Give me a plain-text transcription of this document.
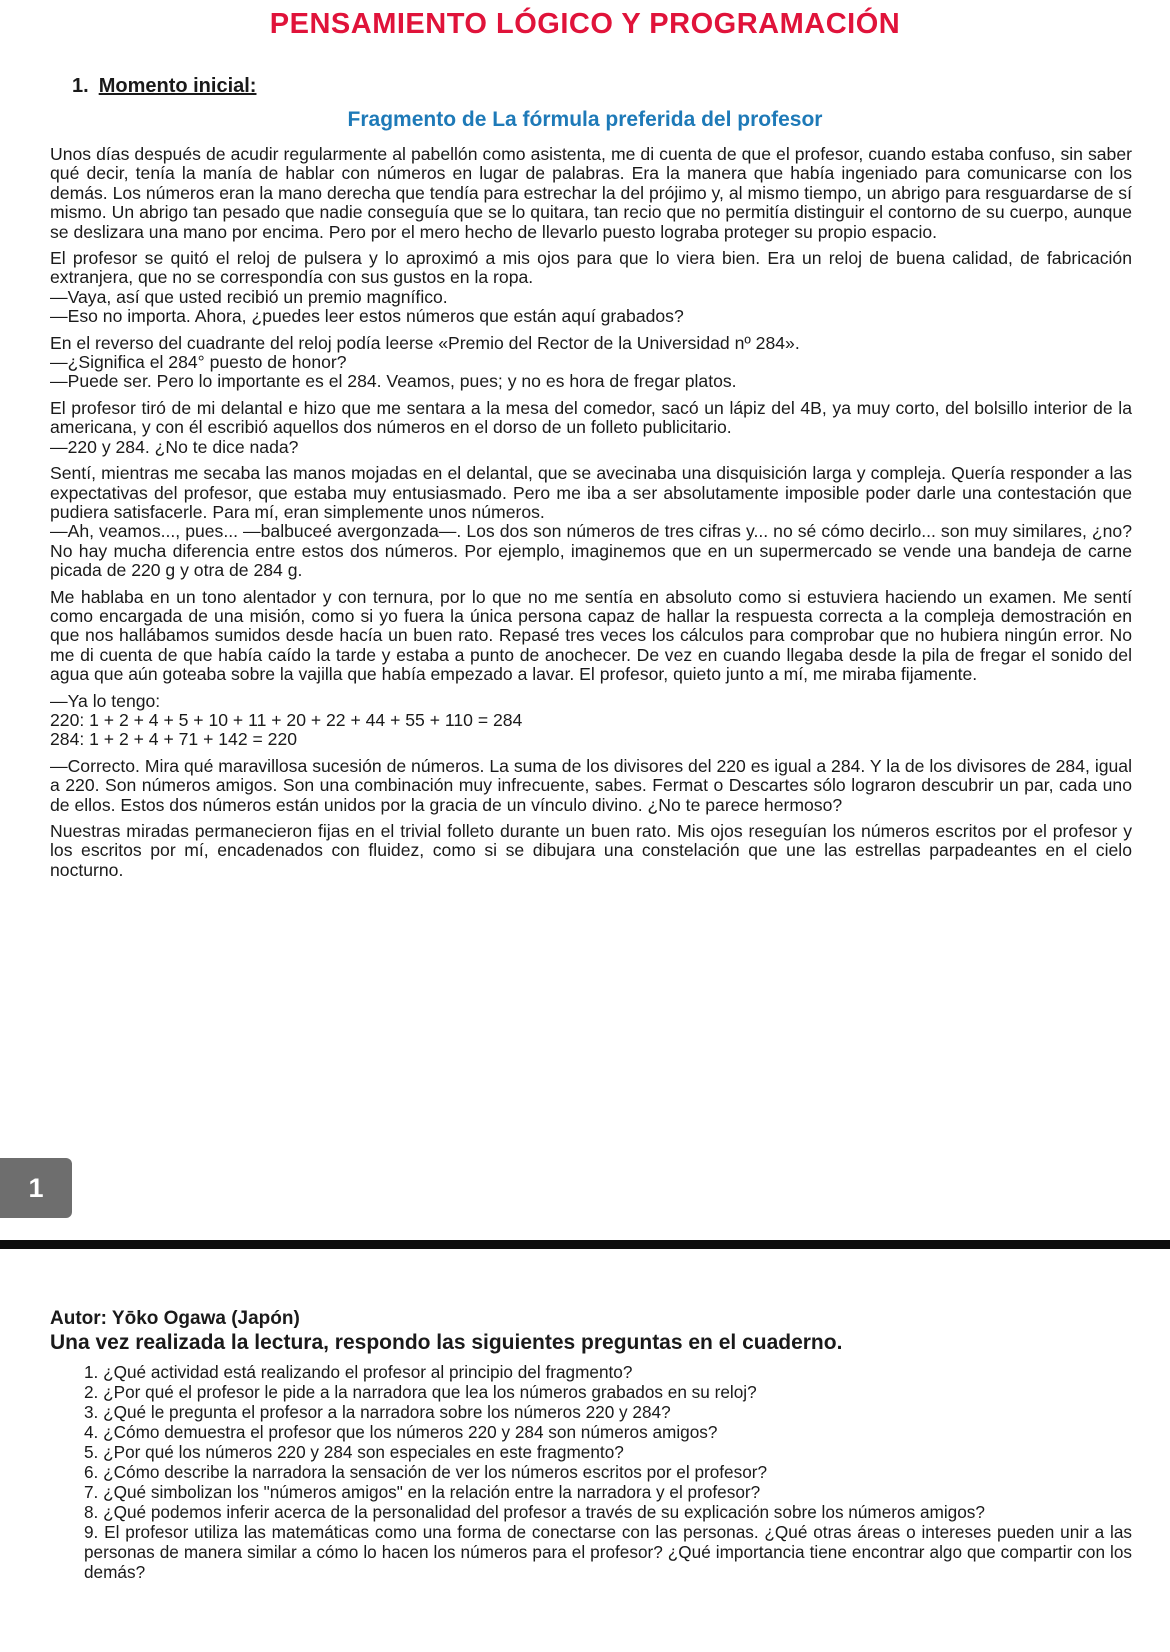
PENSAMIENTO LÓGICO Y PROGRAMACIÓN
1. Momento inicial:
Fragmento de La fórmula preferida del profesor

Unos días después de acudir regularmente al pabellón como asistenta, me di cuenta de que el profesor, cuando estaba confuso, sin saber qué decir, tenía la manía de hablar con números en lugar de palabras. Era la manera que había ingeniado para comunicarse con los demás. Los números eran la mano derecha que tendía para estrechar la del prójimo y, al mismo tiempo, un abrigo para resguardarse de sí mismo. Un abrigo tan pesado que nadie conseguía que se lo quitara, tan recio que no permitía distinguir el contorno de su cuerpo, aunque se deslizara una mano por encima. Pero por el mero hecho de llevarlo puesto lograba proteger su propio espacio.

El profesor se quitó el reloj de pulsera y lo aproximó a mis ojos para que lo viera bien. Era un reloj de buena calidad, de fabricación extranjera, que no se correspondía con sus gustos en la ropa.

—Vaya, así que usted recibió un premio magnífico.
—Eso no importa. Ahora, ¿puedes leer estos números que están aquí grabados?
En el reverso del cuadrante del reloj podía leerse «Premio del Rector de la Universidad nº 284».
—¿Significa el 284° puesto de honor?
—Puede ser. Pero lo importante es el 284. Veamos, pues; y no es hora de fregar platos.

El profesor tiró de mi delantal e hizo que me sentara a la mesa del comedor, sacó un lápiz del 4B, ya muy corto, del bolsillo interior de la americana, y con él escribió aquellos dos números en el dorso de un folleto publicitario.

—220 y 284. ¿No te dice nada?

Sentí, mientras me secaba las manos mojadas en el delantal, que se avecinaba una disquisición larga y compleja. Quería responder a las expectativas del profesor, que estaba muy entusiasmado. Pero me iba a ser absolutamente imposible poder darle una contestación que pudiera satisfacerle. Para mí, eran simplemente unos números.

—Ah, veamos..., pues... —balbuceé avergonzada—. Los dos son números de tres cifras y... no sé cómo decirlo... son muy similares, ¿no? No hay mucha diferencia entre estos dos números. Por ejemplo, imaginemos que en un supermercado se vende una bandeja de carne picada de 220 g y otra de 284 g.

Me hablaba en un tono alentador y con ternura, por lo que no me sentía en absoluto como si estuviera haciendo un examen. Me sentí como encargada de una misión, como si yo fuera la única persona capaz de hallar la respuesta correcta a la compleja demostración en que nos hallábamos sumidos desde hacía un buen rato. Repasé tres veces los cálculos para comprobar que no hubiera ningún error. No me di cuenta de que había caído la tarde y estaba a punto de anochecer. De vez en cuando llegaba desde la pila de fregar el sonido del agua que aún goteaba sobre la vajilla que había empezado a lavar. El profesor, quieto junto a mí, me miraba fijamente.

—Ya lo tengo:
220: 1 + 2 + 4 + 5 + 10 + 11 + 20 + 22 + 44 + 55 + 110 = 284
284: 1 + 2 + 4 + 71 + 142 = 220

—Correcto. Mira qué maravillosa sucesión de números. La suma de los divisores del 220 es igual a 284. Y la de los divisores de 284, igual a 220. Son números amigos. Son una combinación muy infrecuente, sabes. Fermat o Descartes sólo lograron descubrir un par, cada uno de ellos. Estos dos números están unidos por la gracia de un vínculo divino. ¿No te parece hermoso?

Nuestras miradas permanecieron fijas en el trivial folleto durante un buen rato. Mis ojos reseguían los números escritos por el profesor y los escritos por mí, encadenados con fluidez, como si se dibujara una constelación que une las estrellas parpadeantes en el cielo nocturno.

1
Autor: Yōko Ogawa (Japón)
Una vez realizada la lectura, respondo las siguientes preguntas en el cuaderno.
1. ¿Qué actividad está realizando el profesor al principio del fragmento?
2. ¿Por qué el profesor le pide a la narradora que lea los números grabados en su reloj?
3. ¿Qué le pregunta el profesor a la narradora sobre los números 220 y 284?
4. ¿Cómo demuestra el profesor que los números 220 y 284 son números amigos?
5. ¿Por qué los números 220 y 284 son especiales en este fragmento?
6. ¿Cómo describe la narradora la sensación de ver los números escritos por el profesor?
7. ¿Qué simbolizan los "números amigos" en la relación entre la narradora y el profesor?
8. ¿Qué podemos inferir acerca de la personalidad del profesor a través de su explicación sobre los números amigos?
9. El profesor utiliza las matemáticas como una forma de conectarse con las personas. ¿Qué otras áreas o intereses pueden unir a las personas de manera similar a cómo lo hacen los números para el profesor? ¿Qué importancia tiene encontrar algo que compartir con los demás?
